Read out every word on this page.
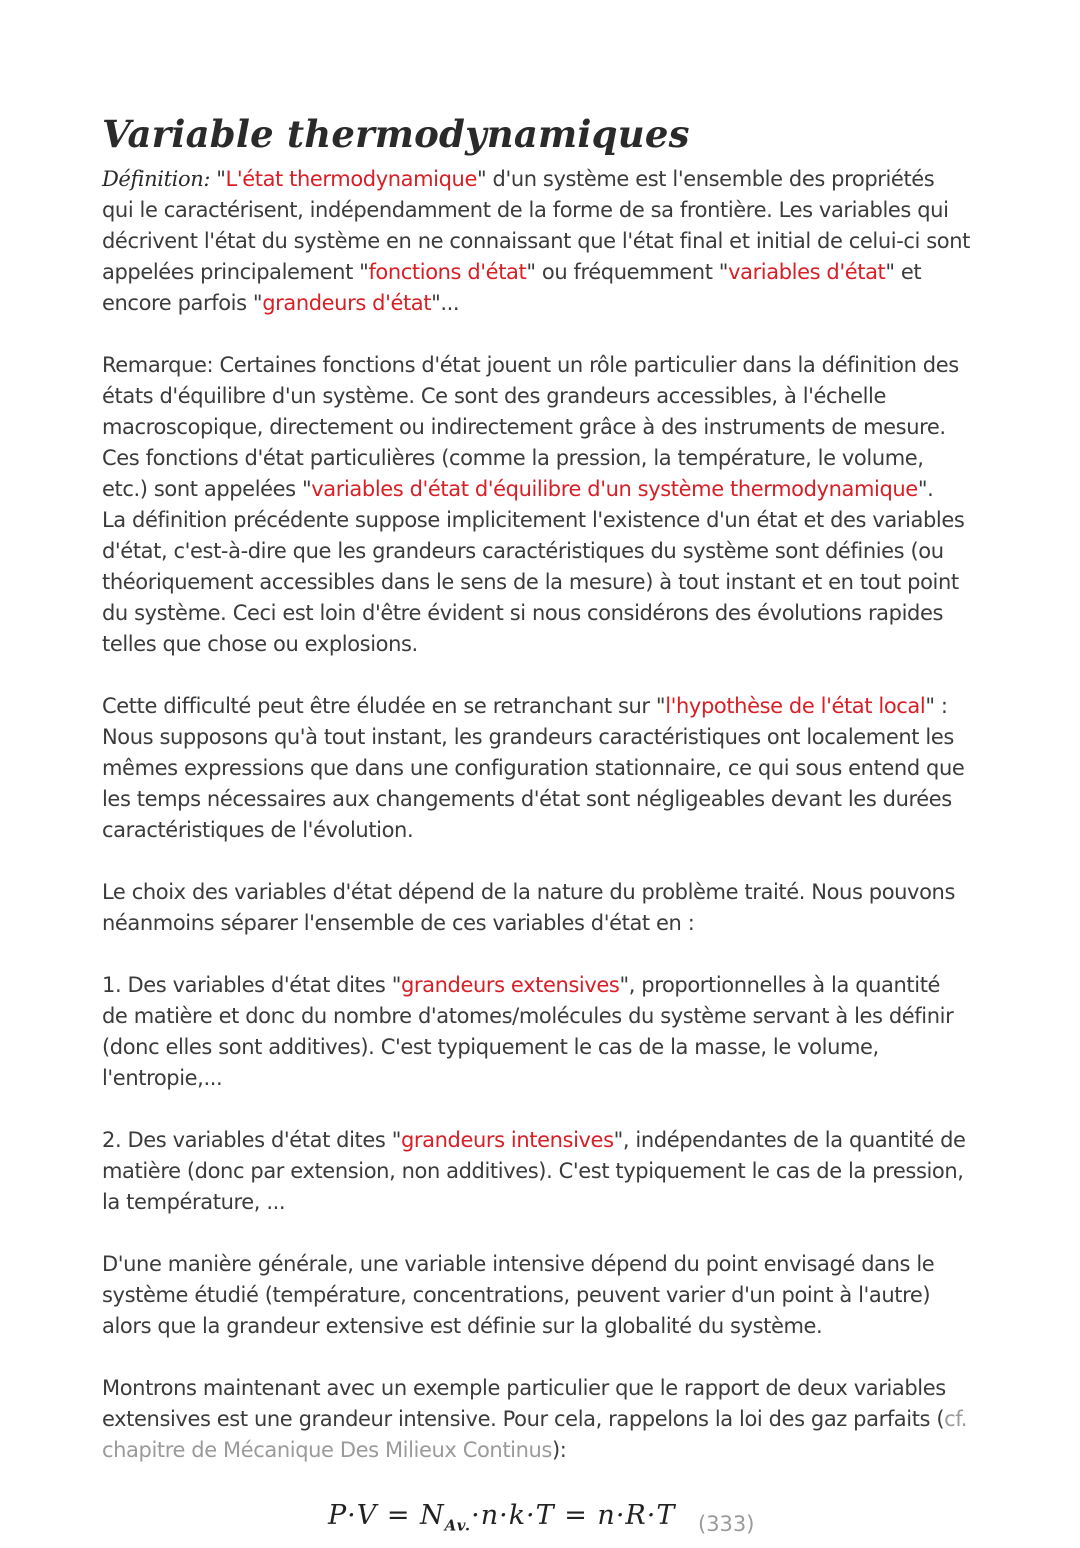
Variable thermodynamiques

Définition: "L'état thermodynamique" d'un système est l'ensemble des propriétés qui le caractérisent, indépendamment de la forme de sa frontière. Les variables qui décrivent l'état du système en ne connaissant que l'état final et initial de celui-ci sont appelées principalement "fonctions d'état" ou fréquemment "variables d'état" et encore parfois "grandeurs d'état"...

Remarque: Certaines fonctions d'état jouent un rôle particulier dans la définition des états d'équilibre d'un système. Ce sont des grandeurs accessibles, à l'échelle macroscopique, directement ou indirectement grâce à des instruments de mesure. Ces fonctions d'état particulières (comme la pression, la température, le volume, etc.) sont appelées "variables d'état d'équilibre d'un système thermodynamique".

La définition précédente suppose implicitement l'existence d'un état et des variables d'état, c'est-à-dire que les grandeurs caractéristiques du système sont définies (ou théoriquement accessibles dans le sens de la mesure) à tout instant et en tout point du système. Ceci est loin d'être évident si nous considérons des évolutions rapides telles que chose ou explosions.

Cette difficulté peut être éludée en se retranchant sur "l'hypothèse de l'état local" : Nous supposons qu'à tout instant, les grandeurs caractéristiques ont localement les mêmes expressions que dans une configuration stationnaire, ce qui sous entend que les temps nécessaires aux changements d'état sont négligeables devant les durées caractéristiques de l'évolution.

Le choix des variables d'état dépend de la nature du problème traité. Nous pouvons néanmoins séparer l'ensemble de ces variables d'état en :

1. Des variables d'état dites "grandeurs extensives", proportionnelles à la quantité de matière et donc du nombre d'atomes/molécules du système servant à les définir (donc elles sont additives). C'est typiquement le cas de la masse, le volume, l'entropie,...

2. Des variables d'état dites "grandeurs intensives", indépendantes de la quantité de matière (donc par extension, non additives). C'est typiquement le cas de la pression, la température, ...

D'une manière générale, une variable intensive dépend du point envisagé dans le système étudié (température, concentrations, peuvent varier d'un point à l'autre) alors que la grandeur extensive est définie sur la globalité du système.

Montrons maintenant avec un exemple particulier que le rapport de deux variables extensives est une grandeur intensive. Pour cela, rappelons la loi des gaz parfaits (cf. chapitre de Mécanique Des Milieux Continus):

$P\cdot V = N_{Av.}\cdot n\cdot k\cdot T = n\cdot R\cdot T$ (333)
